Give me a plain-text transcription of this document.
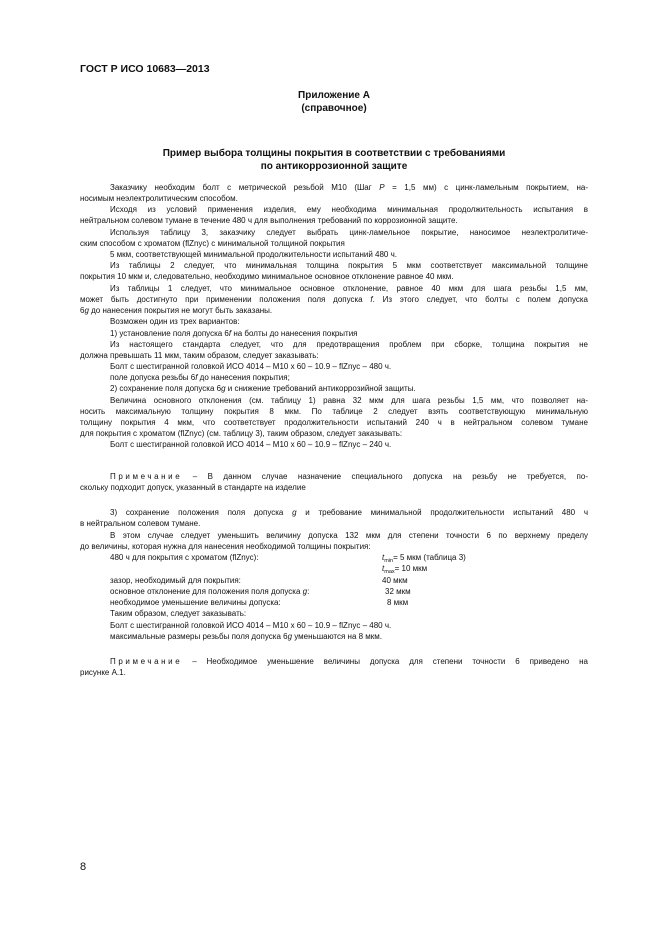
ГОСТ Р ИСО 10683—2013
Приложение А
(справочное)
Пример выбора толщины покрытия в соответствии с требованиями
по антикоррозионной защите
Заказчику необходим болт с метрической резьбой М10 (Шаг P = 1,5 мм) с цинк-ламельным покрытием, на-
носимым неэлектролитическим способом.
Исходя из условий применения изделия, ему необходима минимальная продолжительность испытания в
нейтральном солевом тумане в течение 480 ч для выполнения требований по коррозионной защите.
Используя таблицу 3, заказчику следует выбрать цинк-ламельное покрытие, наносимое неэлектролитиче-
ским способом с хроматом (flZnyc) с минимальной толщиной покрытия
5 мкм, соответствующей минимальной продолжительности испытаний 480 ч.
Из таблицы 2 следует, что минимальная толщина покрытия 5 мкм соответствует максимальной толщине
покрытия 10 мкм и, следовательно, необходимо минимальное основное отклонение равное 40 мкм.
Из таблицы 1 следует, что минимальное основное отклонение, равное 40 мкм для шага резьбы 1,5 мм,
может быть достигнуто при применении положения поля допуска f. Из этого следует, что болты с полем допуска
6g до нанесения покрытия не могут быть заказаны.
Возможен один из трех вариантов:
1) установление поля допуска 6f на болты до нанесения покрытия
Из настоящего стандарта следует, что для предотвращения проблем при сборке, толщина покрытия не
должна превышать 11 мкм, таким образом, следует заказывать:
Болт с шестигранной головкой ИСО 4014 – М10 x 60 – 10.9 – flZnус – 480 ч.
поле допуска резьбы 6f до нанесения покрытия;
2) сохранение поля допуска 6g и снижение требований антикоррозийной защиты.
Величина основного отклонения (см. таблицу 1) равна 32 мкм для шага резьбы 1,5 мм, что позволяет на-
носить максимальную толщину покрытия 8 мкм. По таблице 2 следует взять соответствующую минимальную
толщину покрытия 4 мкм, что соответствует продолжительности испытаний 240 ч в нейтральном солевом тумане
для покрытия с хроматом (flZnyc) (см. таблицу 3), таким образом, следует заказывать:
Болт с шестигранной головкой ИСО 4014 – М10 x 60 – 10.9 – flZnyc – 240 ч.
Примечание – В данном случае назначение специального допуска на резьбу не требуется, по-
скольку подходит допуск, указанный в стандарте на изделие
3) сохранение положения поля допуска g и требование минимальной продолжительности испытаний 480 ч
в нейтральном солевом тумане.
В этом случае следует уменьшить величину допуска 132 мкм для степени точности 6 по верхнему пределу
до величины, которая нужна для нанесения необходимой толщины покрытия:
480 ч для покрытия с хроматом (flZnyc):	$t_{min}= 5$ мкм (таблица 3)
$t_{max}= 10$ мкм
зазор, необходимый для покрытия:	40 мкм
основное отклонение для положения поля допуска g:	32 мкм
необходимое уменьшение величины допуска:	8 мкм
Таким образом, следует заказывать:
Болт с шестигранной головкой ИСО 4014 – М10 x 60 – 10.9 – flZnyc – 480 ч.
максимальные размеры резьбы поля допуска 6g уменьшаются на 8 мкм.
Примечание – Необходимое уменьшение величины допуска для степени точности 6 приведено на
рисунке А.1.
8
